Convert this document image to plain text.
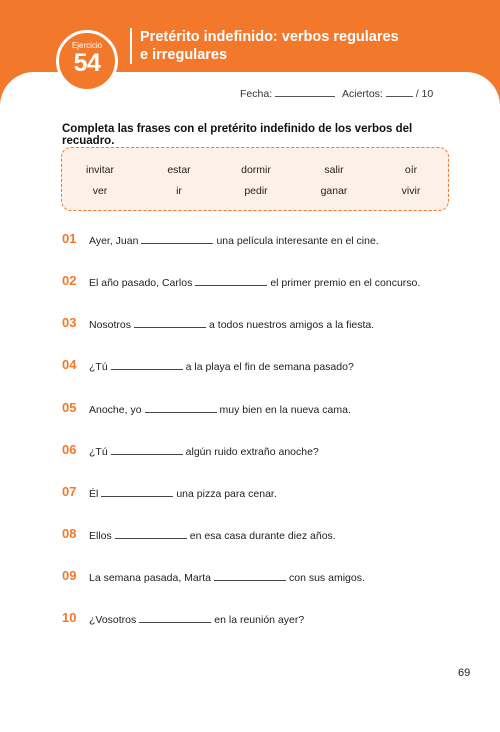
Ejercicio
54
Pretérito indefinido: verbos regulares e irregulares
Fecha:	Aciertos:	/ 10
Completa las frases con el pretérito indefinido de los verbos del recuadro.
invitar	estar	dormir	salir	oír
ver	ir	pedir	ganar	vivir
01 Ayer, Juan	una película interesante en el cine.
02 El año pasado, Carlos	el primer premio en el concurso.
03 Nosotros	a todos nuestros amigos a la fiesta.
04 ¿Tú	a la playa el fin de semana pasado?
05 Anoche, yo	muy bien en la nueva cama.
06 ¿Tú	algún ruido extraño anoche?
07 Él	una pizza para cenar.
08 Ellos	en esa casa durante diez años.
09 La semana pasada, Marta	con sus amigos.
10 ¿Vosotros	en la reunión ayer?
69
